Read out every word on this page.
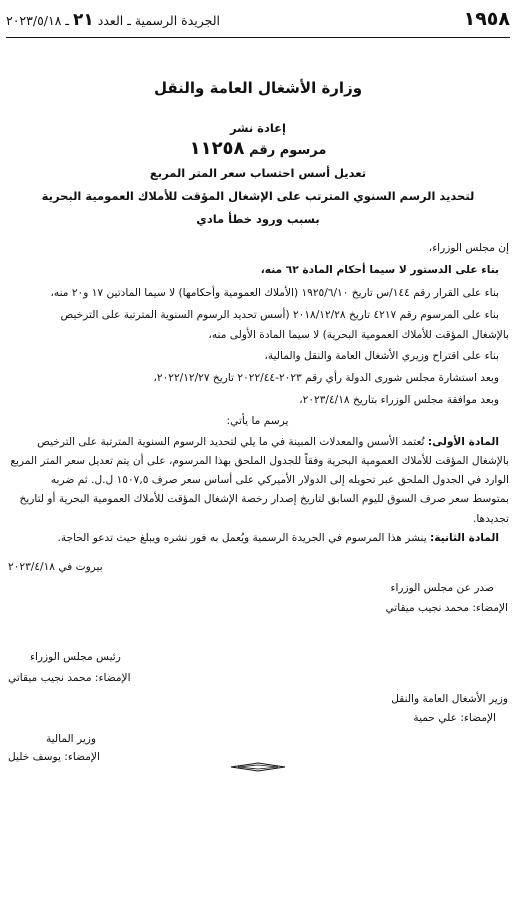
١٩٥٨
الجريدة الرسمية ـ العدد ٢١ ـ ٢٠٢٣/٥/١٨
وزارة الأشغال العامة والنقل
إعادة نشر
مرسوم رقم ١١٢٥٨
تعديل أسس احتساب سعر المتر المربع
لتحديد الرسم السنوي المترتب على الإشغال المؤقت للأملاك العمومية البحرية
بسبب ورود خطأ مادي
إن مجلس الوزراء،
بناء على الدستور لا سيما أحكام المادة ٦٢ منه،
بناء على القرار رقم ١٤٤/س تاريخ ١٩٢٥/٦/١٠ (الأملاك العمومية وأحكامها) لا سيما المادتين ١٧ و٢٠ منه،
بناء على المرسوم رقم ٤٢١٧ تاريخ ٢٠١٨/١٢/٢٨ (أسس تحديد الرسوم السنوية المترتبة على الترخيص
بالإشغال المؤقت للأملاك العمومية البحرية) لا سيما المادة الأولى منه،
بناء على اقتراح وزيري الأشغال العامة والنقل والمالية،
وبعد استشارة مجلس شورى الدولة رأي رقم ٢٠٢٣-٢٠٢٢/٤٤ تاريخ ٢٠٢٢/١٢/٢٧،
وبعد موافقة مجلس الوزراء بتاريخ ٢٠٢٣/٤/١٨،
يرسم ما يأتي:
المادة الأولى: تُعتمد الأسس والمعدلات المبينة في ما يلي لتحديد الرسوم السنوية المترتبة على الترخيص
بالإشغال المؤقت للأملاك العمومية البحرية وفقاً للجدول الملحق بهذا المرسوم، على أن يتم تعديل سعر المتر المربع
الوارد في الجدول الملحق عبر تحويله إلى الدولار الأميركي على أساس سعر صرف ١٥٠٧,٥ ل.ل. ثم ضربه
بمتوسط سعر صرف السوق لليوم السابق لتاريخ إصدار رخصة الإشغال المؤقت للأملاك العمومية البحرية أو لتاريخ
تجديدها.
المادة الثانية: ينشر هذا المرسوم في الجريدة الرسمية ويُعمل به فور نشره ويبلغ حيث تدعو الحاجة.
بيروت في ٢٠٢٣/٤/١٨
صدر عن مجلس الوزراء
الإمضاء: محمد نجيب ميقاتي
رئيس مجلس الوزراء
الإمضاء: محمد نجيب ميقاتي
وزير الأشغال العامة والنقل
الإمضاء: علي حمية
وزير المالية
الإمضاء: يوسف خليل
